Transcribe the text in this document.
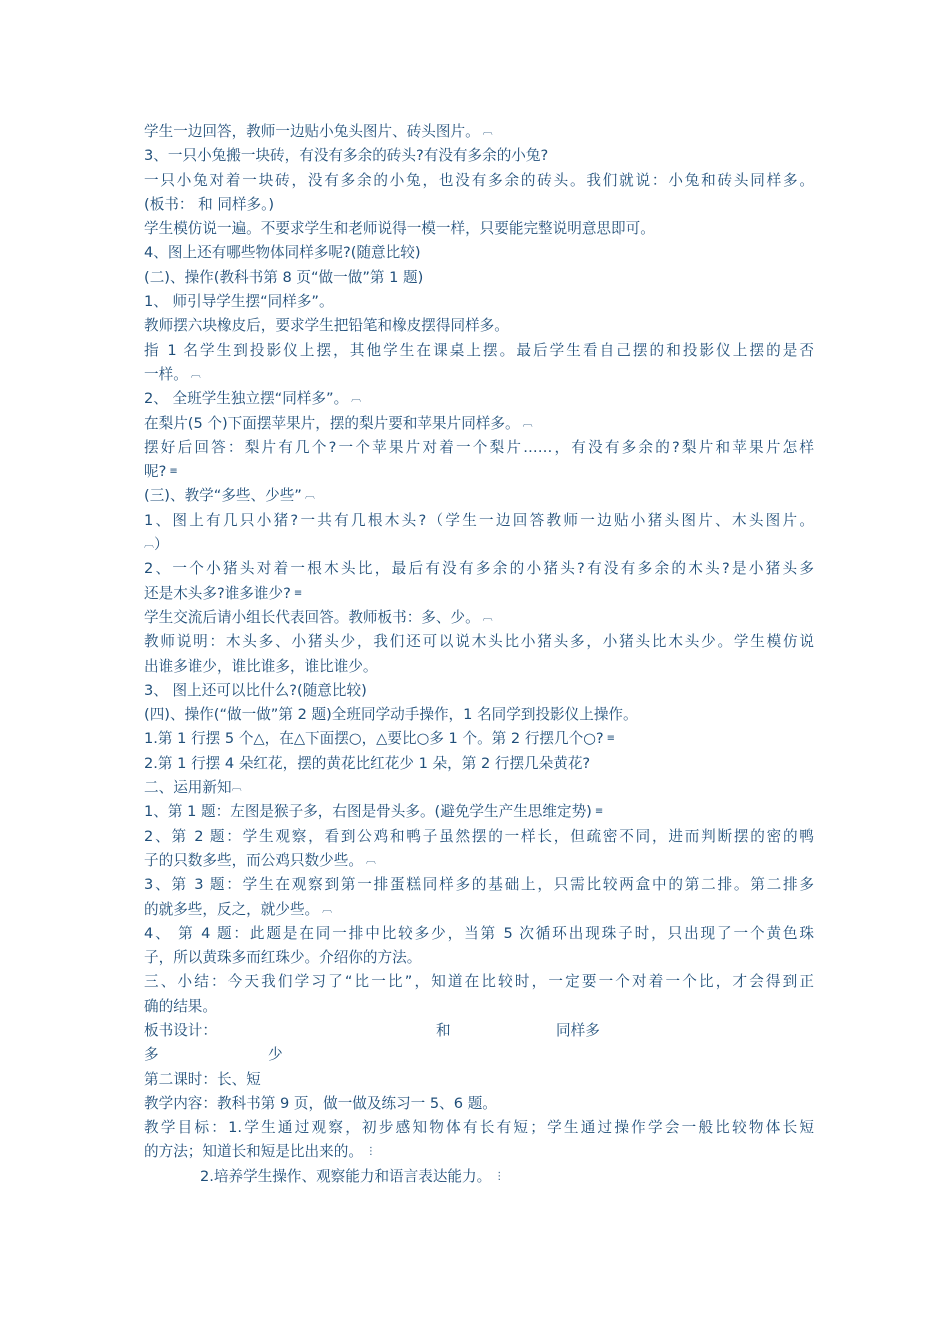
学生一边回答，教师一边贴小兔头图片、砖头图片。 ︹
3、一只小兔搬一块砖，有没有多余的砖头?有没有多余的小兔?
一只小兔对着一块砖，没有多余的小兔，也没有多余的砖头。我们就说：小兔和砖头同样多。
(板书： 和 同样多。)
学生模仿说一遍。不要求学生和老师说得一模一样，只要能完整说明意思即可。
4、图上还有哪些物体同样多呢?(随意比较)
(二)、操作(教科书第 8 页“做一做”第 1 题)
1、 师引导学生摆“同样多”。
教师摆六块橡皮后，要求学生把铅笔和橡皮摆得同样多。
指 1 名学生到投影仪上摆，其他学生在课桌上摆。最后学生看自己摆的和投影仪上摆的是否
一样。 ︹
2、 全班学生独立摆“同样多”。 ︹
在梨片(5 个)下面摆苹果片，摆的梨片要和苹果片同样多。 ︹
摆好后回答：梨片有几个?一个苹果片对着一个梨片……，有没有多余的?梨片和苹果片怎样
呢? ≡
(三)、教学“多些、少些” ︹
1、图上有几只小猪?一共有几根木头?（学生一边回答教师一边贴小猪头图片、木头图片。
︹）
2、一个小猪头对着一根木头比，最后有没有多余的小猪头?有没有多余的木头?是小猪头多
还是木头多?谁多谁少? ≡
学生交流后请小组长代表回答。教师板书：多、少。 ︹
教师说明：木头多、小猪头少，我们还可以说木头比小猪头多，小猪头比木头少。学生模仿说
出谁多谁少，谁比谁多，谁比谁少。
3、 图上还可以比什么?(随意比较)
(四)、操作(“做一做”第 2 题)全班同学动手操作，1 名同学到投影仪上操作。
1.第 1 行摆 5 个△，在△下面摆○，△要比○多 1 个。第 2 行摆几个○? ≡
2.第 1 行摆 4 朵红花，摆的黄花比红花少 1 朵，第 2 行摆几朵黄花?
二、运用新知︹
1、第 1 题：左图是猴子多，右图是骨头多。(避免学生产生思维定势) ≡
2、第 2 题：学生观察，看到公鸡和鸭子虽然摆的一样长，但疏密不同，进而判断摆的密的鸭
子的只数多些，而公鸡只数少些。 ︹
3、第 3 题：学生在观察到第一排蛋糕同样多的基础上，只需比较两盒中的第二排。第二排多
的就多些，反之，就少些。 ︹
4、 第 4 题：此题是在同一排中比较多少，当第 5 次循环出现珠子时，只出现了一个黄色珠
子，所以黄珠多而红珠少。介绍你的方法。
三、小结：今天我们学习了“比一比”，知道在比较时，一定要一个对着一个比，才会得到正
确的结果。
板书设计：	和	同样多
多	少
第二课时：长、短
教学内容：教科书第 9 页，做一做及练习一 5、6 题。
教学目标：1.学生通过观察，初步感知物体有长有短；学生通过操作学会一般比较物体长短
的方法；知道长和短是比出来的。 ⋮
2.培养学生操作、观察能力和语言表达能力。 ⋮
